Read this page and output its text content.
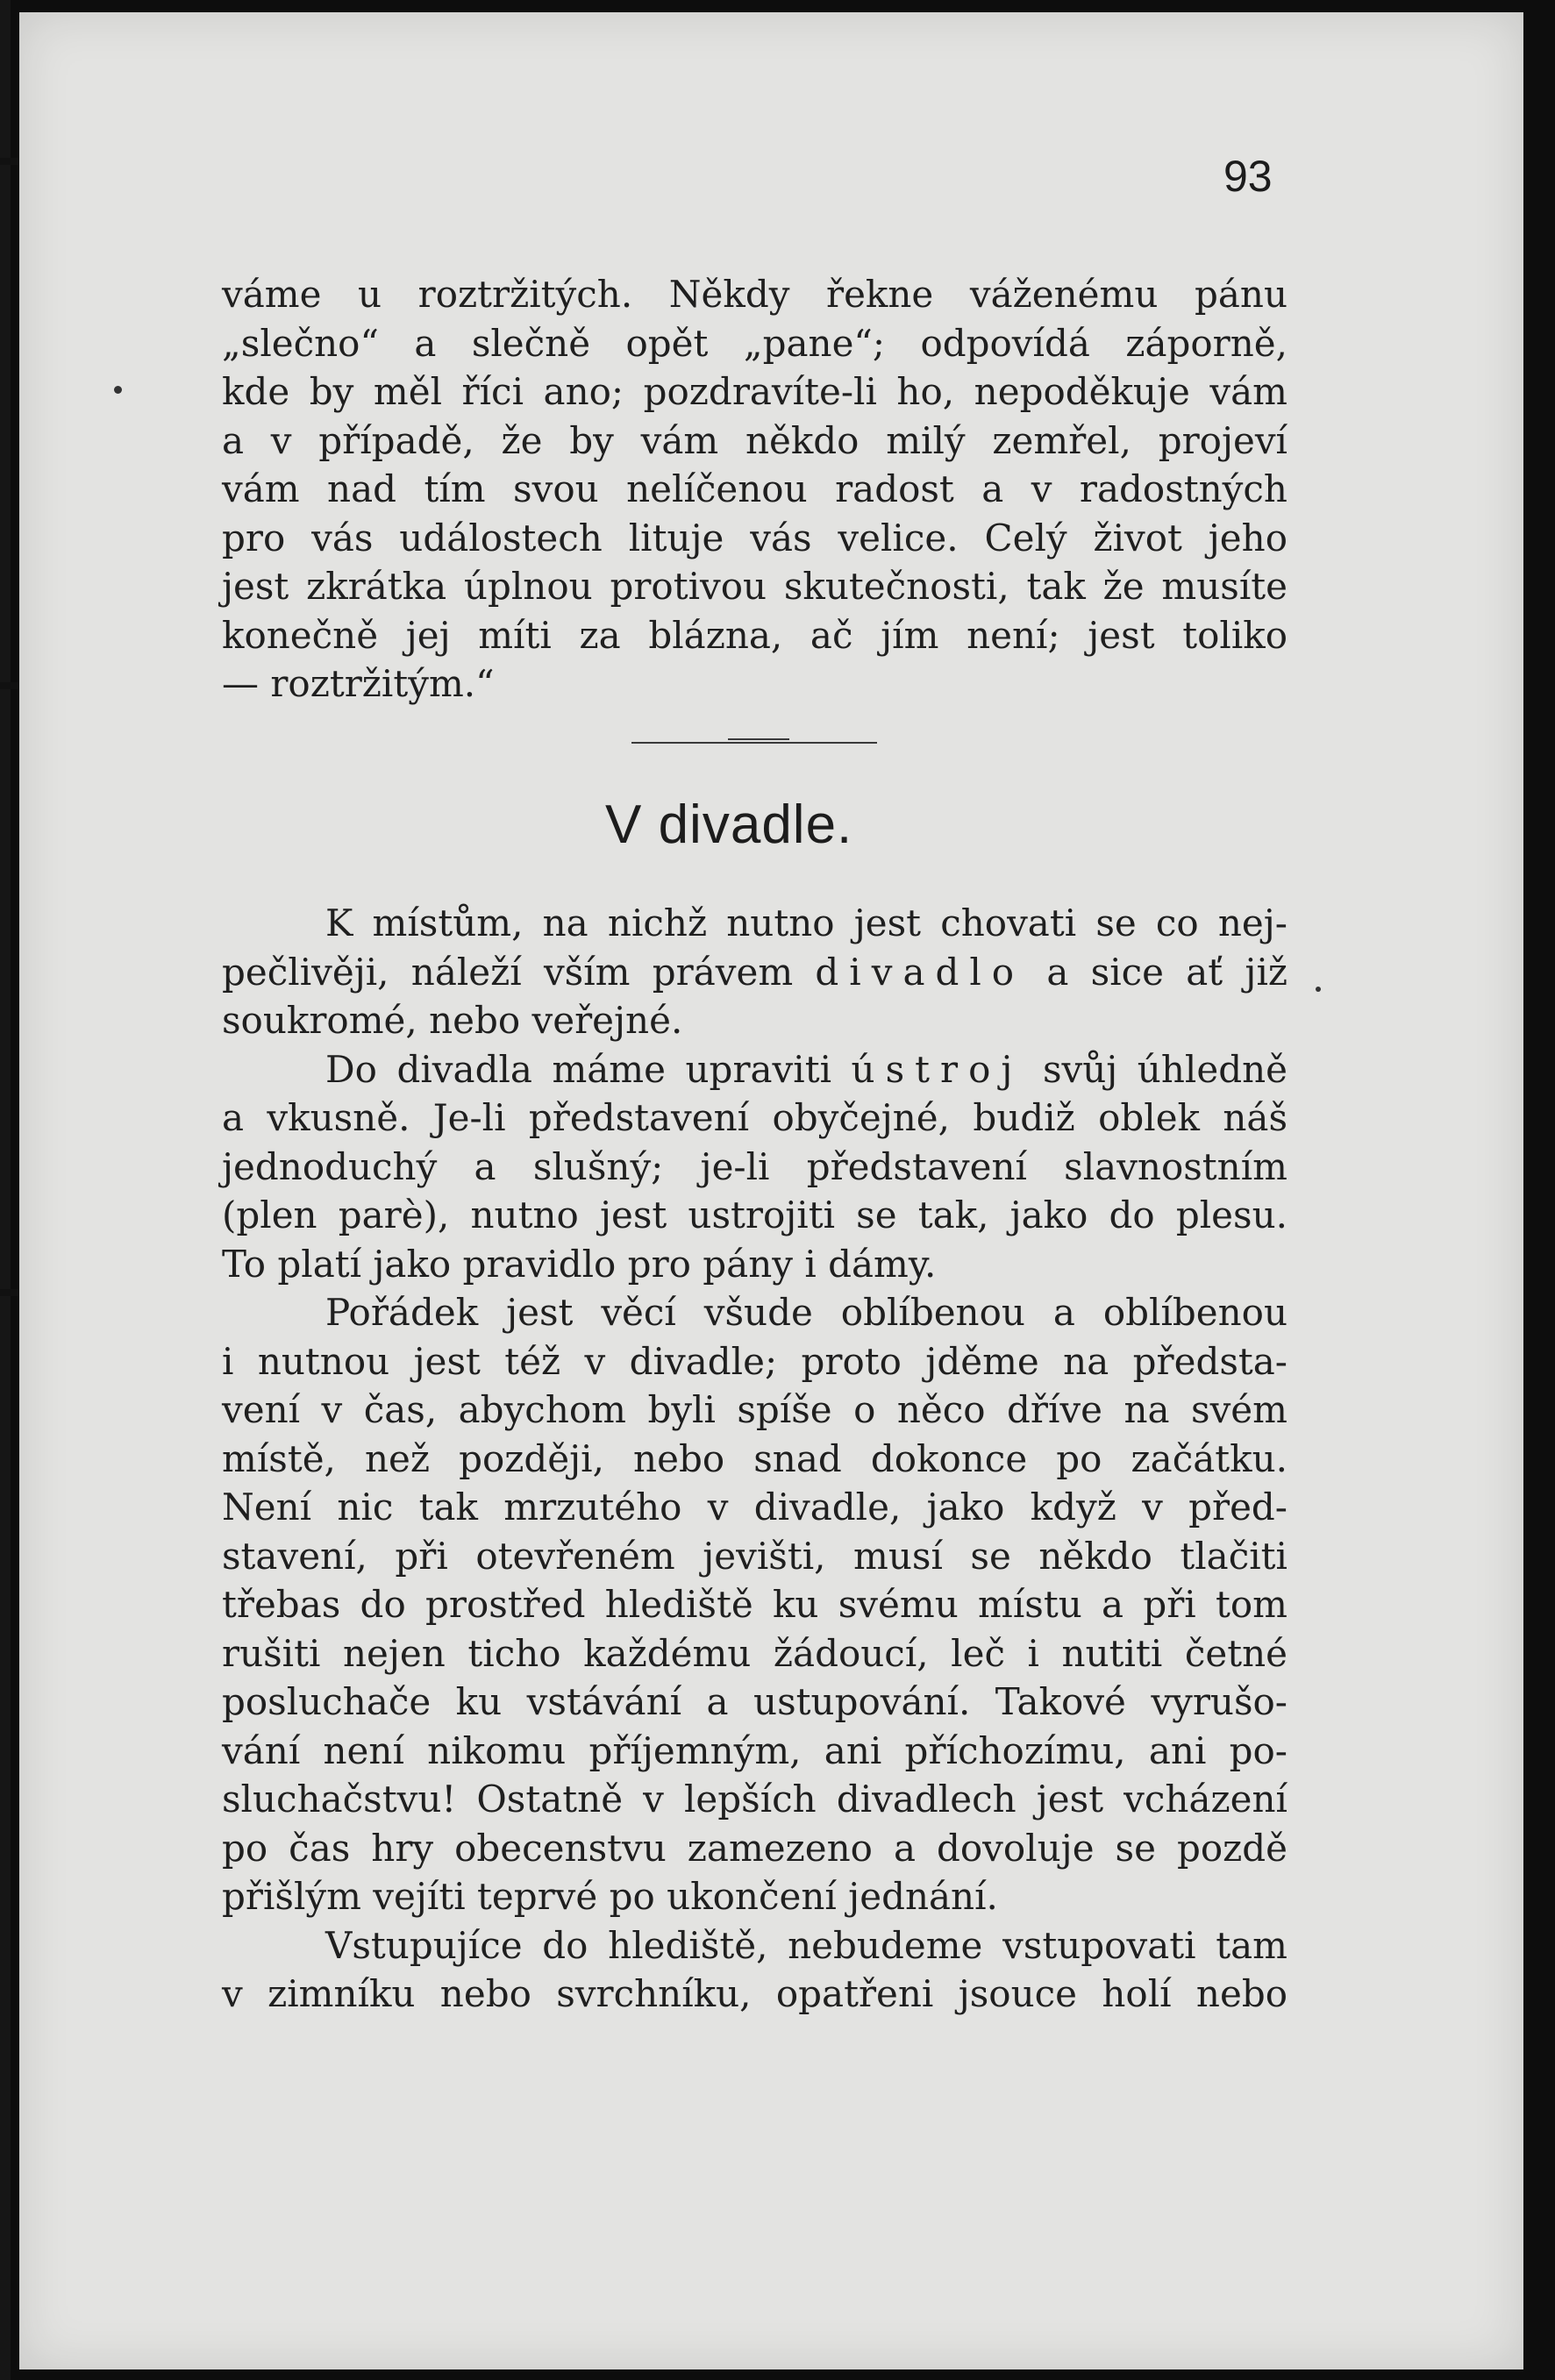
93
váme u roztržitých. Někdy řekne váženému pánu
„slečno“ a slečně opět „pane“; odpovídá záporně,
kde by měl říci ano; pozdravíte-li ho, nepoděkuje vám
a v případě, že by vám někdo milý zemřel, projeví
vám nad tím svou nelíčenou radost a v radostných
pro vás událostech lituje vás velice. Celý život jeho
jest zkrátka úplnou protivou skutečnosti, tak že musíte
konečně jej míti za blázna, ač jím není; jest toliko
— roztržitým.“
V divadle.
K místům, na nichž nutno jest chovati se co nej-
pečlivěji, náleží vším právem divadlo a sice ať již
soukromé, nebo veřejné.
Do divadla máme upraviti ústroj svůj úhledně
a vkusně. Je-li představení obyčejné, budiž oblek náš
jednoduchý a slušný; je-li představení slavnostním
(plen parè), nutno jest ustrojiti se tak, jako do plesu.
To platí jako pravidlo pro pány i dámy.
Pořádek jest věcí všude oblíbenou a oblíbenou
i nutnou jest též v divadle; proto jděme na předsta-
vení v čas, abychom byli spíše o něco dříve na svém
místě, než později, nebo snad dokonce po začátku.
Není nic tak mrzutého v divadle, jako když v před-
stavení, při otevřeném jevišti, musí se někdo tlačiti
třebas do prostřed hlediště ku svému místu a při tom
rušiti nejen ticho každému žádoucí, leč i nutiti četné
posluchače ku vstávání a ustupování. Takové vyrušo-
vání není nikomu příjemným, ani příchozímu, ani po-
sluchačstvu! Ostatně v lepších divadlech jest vcházení
po čas hry obecenstvu zamezeno a dovoluje se pozdě
přišlým vejíti teprvé po ukončení jednání.
Vstupujíce do hlediště, nebudeme vstupovati tam
v zimníku nebo svrchníku, opatřeni jsouce holí nebo
